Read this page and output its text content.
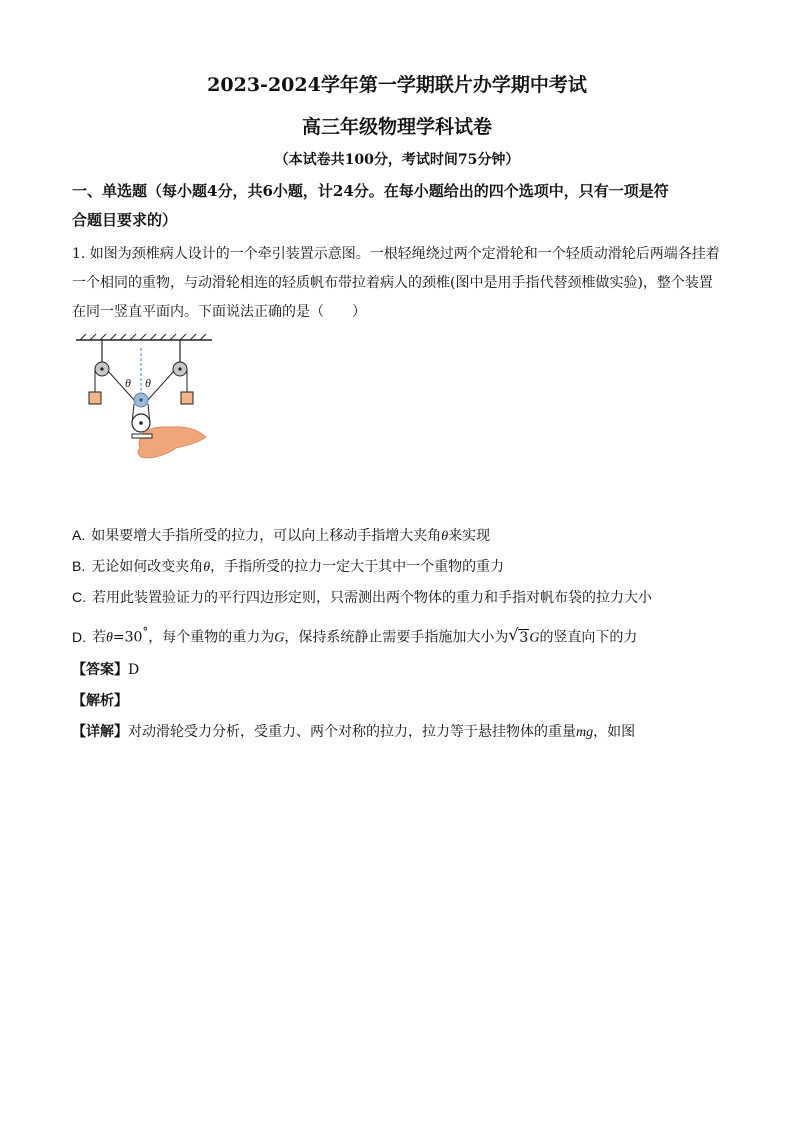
2023-2024学年第一学期联片办学期中考试
高三年级物理学科试卷
（本试卷共100分，考试时间75分钟）
一、单选题（每小题4分，共6小题，计24分。在每小题给出的四个选项中，只有一项是符
合题目要求的）
1. 如图为颈椎病人设计的一个牵引装置示意图。一根轻绳绕过两个定滑轮和一个轻质动滑轮后两端各挂着
一个相同的重物，与动滑轮相连的轻质帆布带拉着病人的颈椎(图中是用手指代替颈椎做实验)，整个装置
在同一竖直平面内。下面说法正确的是（　　）
θ θ
A. 如果要增大手指所受的拉力，可以向上移动手指增大夹角θ来实现
B. 无论如何改变夹角θ，手指所受的拉力一定大于其中一个重物的重力
C. 若用此装置验证力的平行四边形定则，只需测出两个物体的重力和手指对帆布袋的拉力大小
D. 若θ=30°，每个重物的重力为G，保持系统静止需要手指施加大小为 √ 3G的竖直向下的力
【答案】D
【解析】
【详解】对动滑轮受力分析，受重力、两个对称的拉力，拉力等于悬挂物体的重量mg，如图
